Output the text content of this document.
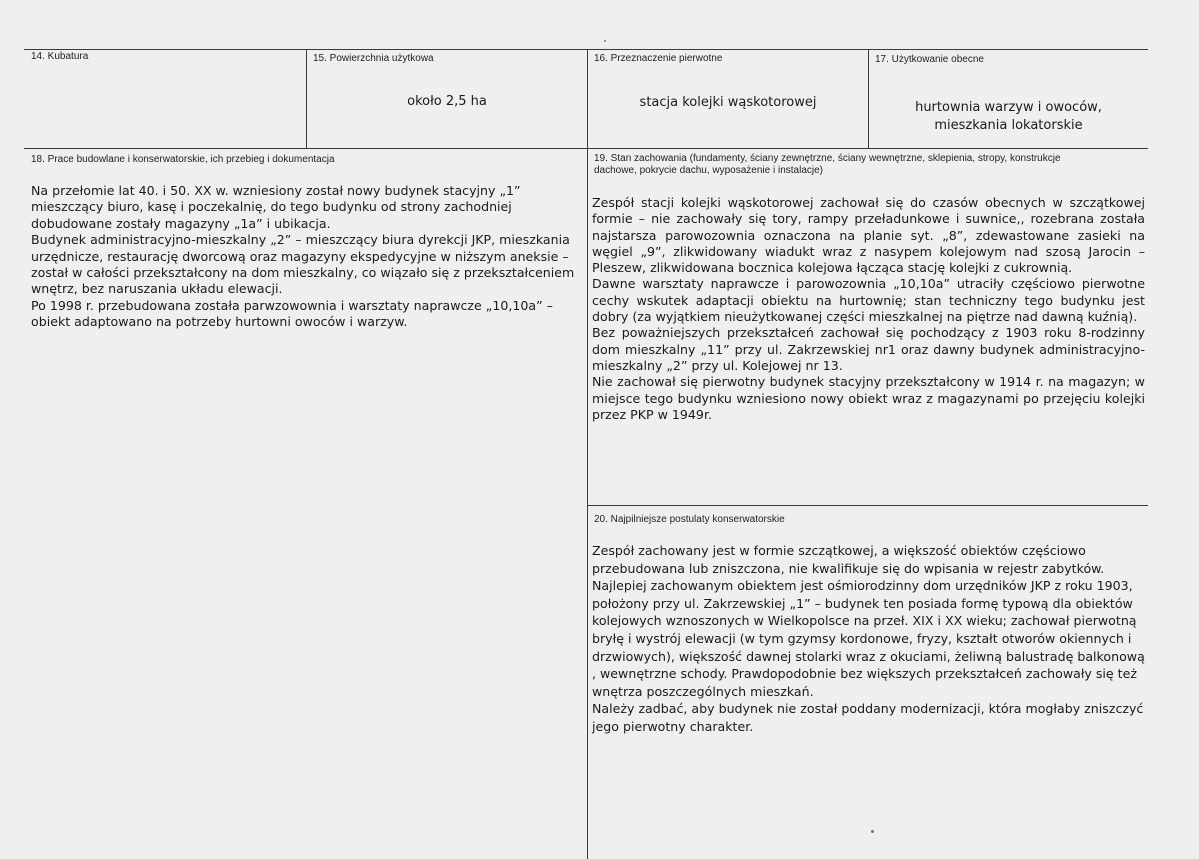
14. Kubatura	15. Powierzchnia użytkowa
około 2,5 ha
16. Przeznaczenie pierwotne
stacja kolejki wąskotorowej
17. Użytkowanie obecne
hurtownia warzyw i owoców,
mieszkania lokatorskie
18. Prace budowlane i konserwatorskie, ich przebieg i dokumentacja

Na przełomie lat 40. i 50. XX w. wzniesiony został nowy budynek stacyjny „1” mieszczący biuro, kasę i poczekalnię, do tego budynku od strony zachodniej dobudowane zostały magazyny „1a” i ubikacja.

Budynek administracyjno-mieszkalny „2” – mieszczący biura dyrekcji JKP, mieszkania urzędnicze, restaurację dworcową oraz magazyny ekspedycyjne w niższym aneksie – został w całości przekształcony na dom mieszkalny, co wiązało się z przekształceniem wnętrz, bez naruszania układu elewacji.

Po 1998 r. przebudowana została parwzowownia i warsztaty naprawcze „10,10a” – obiekt adaptowano na potrzeby hurtowni owoców i warzyw.

19. Stan zachowania (fundamenty, ściany zewnętrzne, ściany wewnętrzne, sklepienia, stropy, konstrukcje
dachowe, pokrycie dachu, wyposażenie i instalacje)

Zespół stacji kolejki wąskotorowej zachował się do czasów obecnych w szczątkowej formie – nie zachowały się tory, rampy przeładunkowe i suwnice,, rozebrana została najstarsza parowozownia oznaczona na planie syt. „8”, zdewastowane zasieki na węgiel „9”, zlikwidowany wiadukt wraz z nasypem kolejowym nad szosą Jarocin – Pleszew, zlikwidowana bocznica kolejowa łącząca stację kolejki z cukrownią.

Dawne warsztaty naprawcze i parowozownia „10,10a” utraciły częściowo pierwotne cechy wskutek adaptacji obiektu na hurtownię; stan techniczny tego budynku jest dobry (za wyjątkiem nieużytkowanej części mieszkalnej na piętrze nad dawną kuźnią).

Bez poważniejszych przekształceń zachował się pochodzący z 1903 roku 8-rodzinny dom mieszkalny „11” przy ul. Zakrzewskiej nr1 oraz dawny budynek administracyjno-mieszkalny „2” przy ul. Kolejowej nr 13.

Nie zachował się pierwotny budynek stacyjny przekształcony w 1914 r. na magazyn; w miejsce tego budynku wzniesiono nowy obiekt wraz z magazynami po przejęciu kolejki przez PKP w 1949r.

20. Najpilniejsze postulaty konserwatorskie

Zespół zachowany jest w formie szczątkowej, a większość obiektów częściowo przebudowana lub zniszczona, nie kwalifikuje się do wpisania w rejestr zabytków.

Najlepiej zachowanym obiektem jest ośmiorodzinny dom urzędników JKP z roku 1903, położony przy ul. Zakrzewskiej „1” – budynek ten posiada formę typową dla obiektów kolejowych wznoszonych w Wielkopolsce na przeł. XIX i XX wieku; zachował pierwotną bryłę i wystrój elewacji (w tym gzymsy kordonowe, fryzy, kształt otworów okiennych i drzwiowych), większość dawnej stolarki wraz z okuciami, żeliwną balustradę balkonową , wewnętrzne schody. Prawdopodobnie bez większych przekształceń zachowały się też wnętrza poszczególnych mieszkań.

Należy zadbać, aby budynek nie został poddany modernizacji, która mogłaby zniszczyć jego pierwotny charakter.
